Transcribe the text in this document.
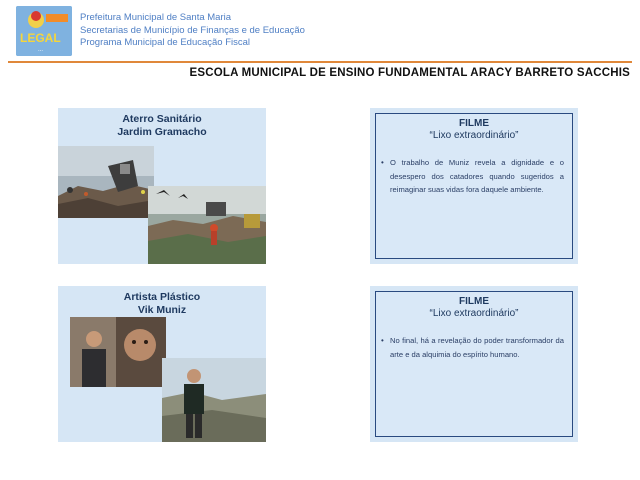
LEGAL
...
Prefeitura Municipal de Santa Maria
Secretarias de Município de Finanças e de Educação
Programa Municipal de Educação Fiscal
ESCOLA MUNICIPAL DE ENSINO FUNDAMENTAL ARACY BARRETO SACCHIS
Aterro Sanitário
Jardim Gramacho
FILME
“Lixo extraordinário”
• O trabalho de Muniz revela a dignidade e o desespero dos catadores quando sugeridos a reimaginar suas vidas fora daquele ambiente.
Artista Plástico
Vik Muniz
FILME
“Lixo extraordinário”
• No final, há a revelação do poder transformador da arte e da alquimia do espírito humano.
